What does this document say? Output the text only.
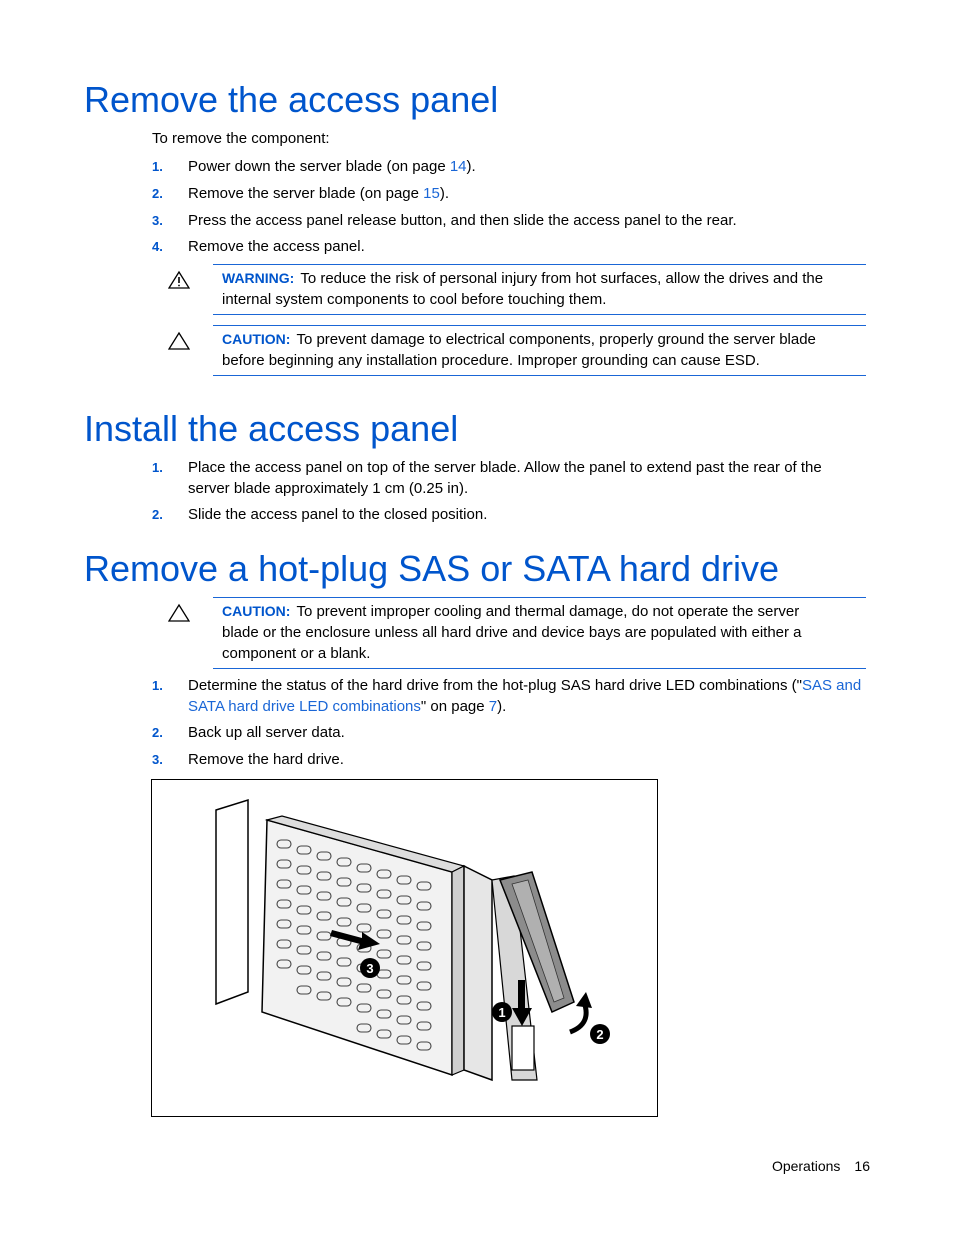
Remove the access panel
To remove the component:
1. Power down the server blade (on page 14).
2. Remove the server blade (on page 15).
3. Press the access panel release button, and then slide the access panel to the rear.
4. Remove the access panel.
WARNING: To reduce the risk of personal injury from hot surfaces, allow the drives and the internal system components to cool before touching them.
CAUTION: To prevent damage to electrical components, properly ground the server blade before beginning any installation procedure. Improper grounding can cause ESD.
Install the access panel
1. Place the access panel on top of the server blade. Allow the panel to extend past the rear of the server blade approximately 1 cm (0.25 in).
2. Slide the access panel to the closed position.
Remove a hot-plug SAS or SATA hard drive
CAUTION: To prevent improper cooling and thermal damage, do not operate the server blade or the enclosure unless all hard drive and device bays are populated with either a component or a blank.
1. Determine the status of the hard drive from the hot-plug SAS hard drive LED combinations ("SAS and SATA hard drive LED combinations" on page 7).
2. Back up all server data.
3. Remove the hard drive.
3
1
2
Operations 16
